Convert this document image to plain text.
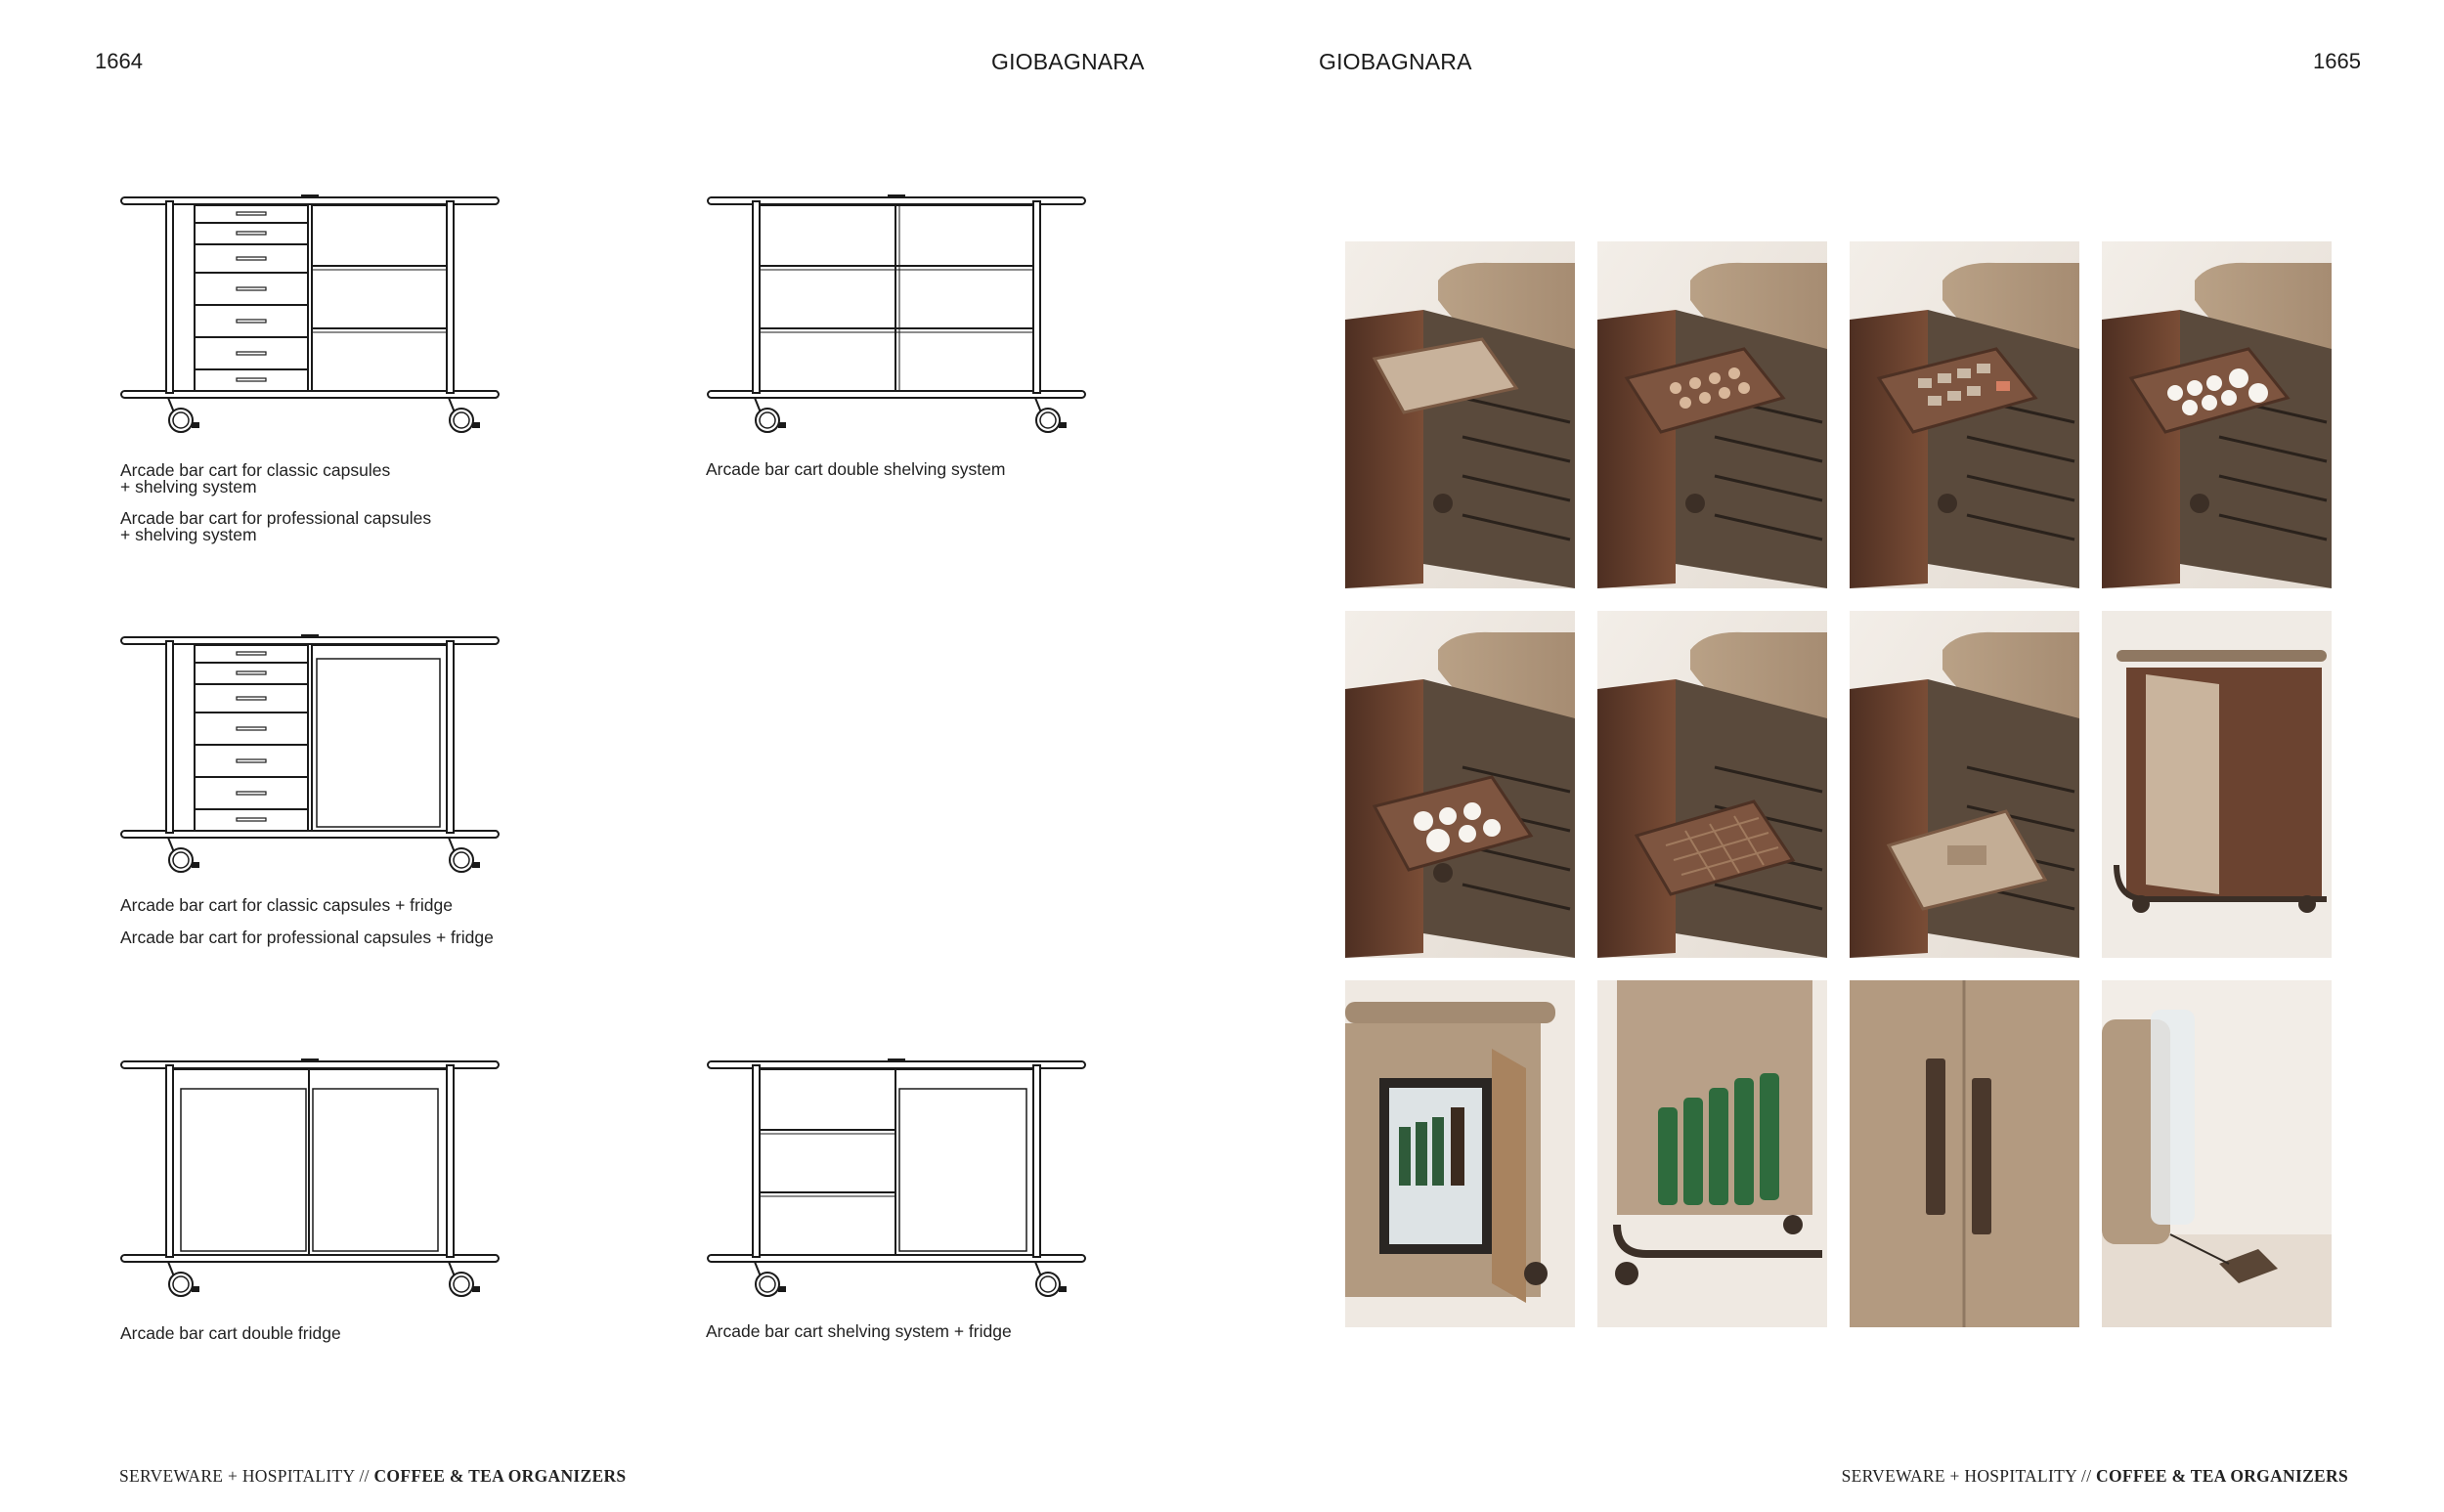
1664	GIOBAGNARA	GIOBAGNARA	1665
Arcade bar cart for classic capsules
+ shelving system
Arcade bar cart for professional capsules
+ shelving system
Arcade bar cart double shelving system
Arcade bar cart for classic capsules + fridge
Arcade bar cart for professional capsules + fridge
Arcade bar cart double fridge	Arcade bar cart shelving system + fridge
SERVEWARE + HOSPITALITY // COFFEE & TEA ORGANIZERS	SERVEWARE + HOSPITALITY // COFFEE & TEA ORGANIZERS
